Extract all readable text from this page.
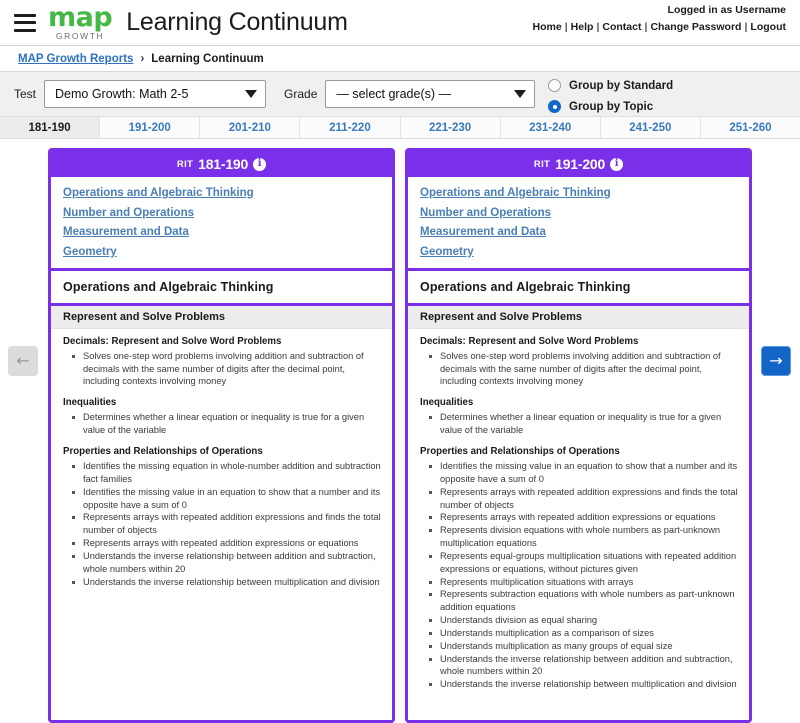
map
GROWTH
Learning Continuum	Logged in as Username
Home | Help | Contact | Change Password | Logout
MAP Growth Reports › Learning Continuum
Test Demo Growth: Math 2-5	Grade — select grade(s) —
Group by Standard
Group by Topic
181-190	191-200	201-210	211-220	221-230	231-240	241-250	251-260
←	→
RIT 181-190 i
Operations and Algebraic Thinking
Number and Operations
Measurement and Data
Geometry
Operations and Algebraic Thinking
Represent and Solve Problems
Decimals: Represent and Solve Word Problems
Solves one-step word problems involving addition and subtraction of decimals with the same number of digits after the decimal point, including contexts involving money
Inequalities
Determines whether a linear equation or inequality is true for a given value of the variable
Properties and Relationships of Operations
Identifies the missing equation in whole-number addition and subtraction fact families
Identifies the missing value in an equation to show that a number and its opposite have a sum of 0
Represents arrays with repeated addition expressions and finds the total number of objects
Represents arrays with repeated addition expressions or equations
Understands the inverse relationship between addition and subtraction, whole numbers within 20
Understands the inverse relationship between multiplication and division
RIT 191-200 i
Operations and Algebraic Thinking
Number and Operations
Measurement and Data
Geometry
Operations and Algebraic Thinking
Represent and Solve Problems
Decimals: Represent and Solve Word Problems
Solves one-step word problems involving addition and subtraction of decimals with the same number of digits after the decimal point, including contexts involving money
Inequalities
Determines whether a linear equation or inequality is true for a given value of the variable
Properties and Relationships of Operations
Identifies the missing value in an equation to show that a number and its opposite have a sum of 0
Represents arrays with repeated addition expressions and finds the total number of objects
Represents arrays with repeated addition expressions or equations
Represents division equations with whole numbers as part-unknown multiplication equations
Represents equal-groups multiplication situations with repeated addition expressions or equations, without pictures given
Represents multiplication situations with arrays
Represents subtraction equations with whole numbers as part-unknown addition equations
Understands division as equal sharing
Understands multiplication as a comparison of sizes
Understands multiplication as many groups of equal size
Understands the inverse relationship between addition and subtraction, whole numbers within 20
Understands the inverse relationship between multiplication and division
